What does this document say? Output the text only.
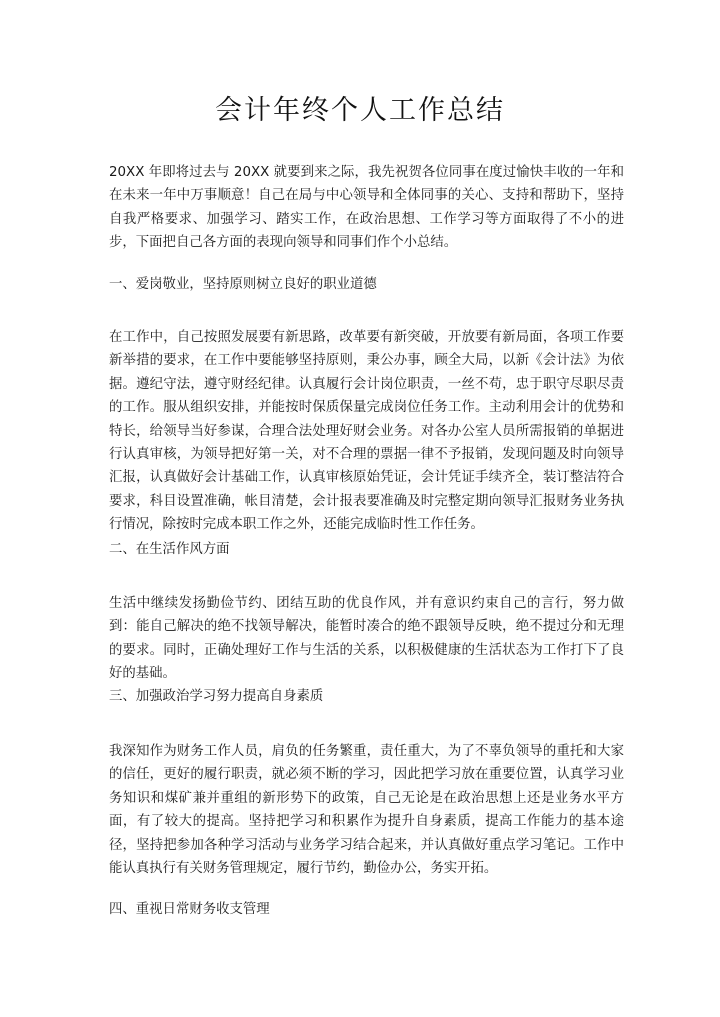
会计年终个人工作总结

20XX 年即将过去与 20XX 就要到来之际，我先祝贺各位同事在度过愉快丰收的一年和在未来一年中万事顺意！自己在局与中心领导和全体同事的关心、支持和帮助下，坚持自我严格要求、加强学习、踏实工作，在政治思想、工作学习等方面取得了不小的进步，下面把自己各方面的表现向领导和同事们作个小总结。

一、爱岗敬业，坚持原则树立良好的职业道德

在工作中，自己按照发展要有新思路，改革要有新突破，开放要有新局面，各项工作要新举措的要求，在工作中要能够坚持原则，秉公办事，顾全大局，以新《会计法》为依据。遵纪守法，遵守财经纪律。认真履行会计岗位职责，一丝不苟，忠于职守尽职尽责的工作。服从组织安排，并能按时保质保量完成岗位任务工作。主动利用会计的优势和特长，给领导当好参谋，合理合法处理好财会业务。对各办公室人员所需报销的单据进行认真审核，为领导把好第一关，对不合理的票据一律不予报销，发现问题及时向领导汇报，认真做好会计基础工作，认真审核原始凭证，会计凭证手续齐全，装订整洁符合要求，科目设置准确，帐目清楚，会计报表要准确及时完整定期向领导汇报财务业务执行情况，除按时完成本职工作之外，还能完成临时性工作任务。

二、在生活作风方面

生活中继续发扬勤俭节约、团结互助的优良作风，并有意识约束自己的言行，努力做到：能自己解决的绝不找领导解决，能暂时凑合的绝不跟领导反映，绝不提过分和无理的要求。同时，正确处理好工作与生活的关系，以积极健康的生活状态为工作打下了良好的基础。

三、加强政治学习努力提高自身素质

我深知作为财务工作人员，肩负的任务繁重，责任重大，为了不辜负领导的重托和大家的信任，更好的履行职责，就必须不断的学习，因此把学习放在重要位置，认真学习业务知识和煤矿兼并重组的新形势下的政策，自己无论是在政治思想上还是业务水平方面，有了较大的提高。坚持把学习和积累作为提升自身素质，提高工作能力的基本途径，坚持把参加各种学习活动与业务学习结合起来，并认真做好重点学习笔记。工作中能认真执行有关财务管理规定，履行节约，勤俭办公，务实开拓。

四、重视日常财务收支管理
